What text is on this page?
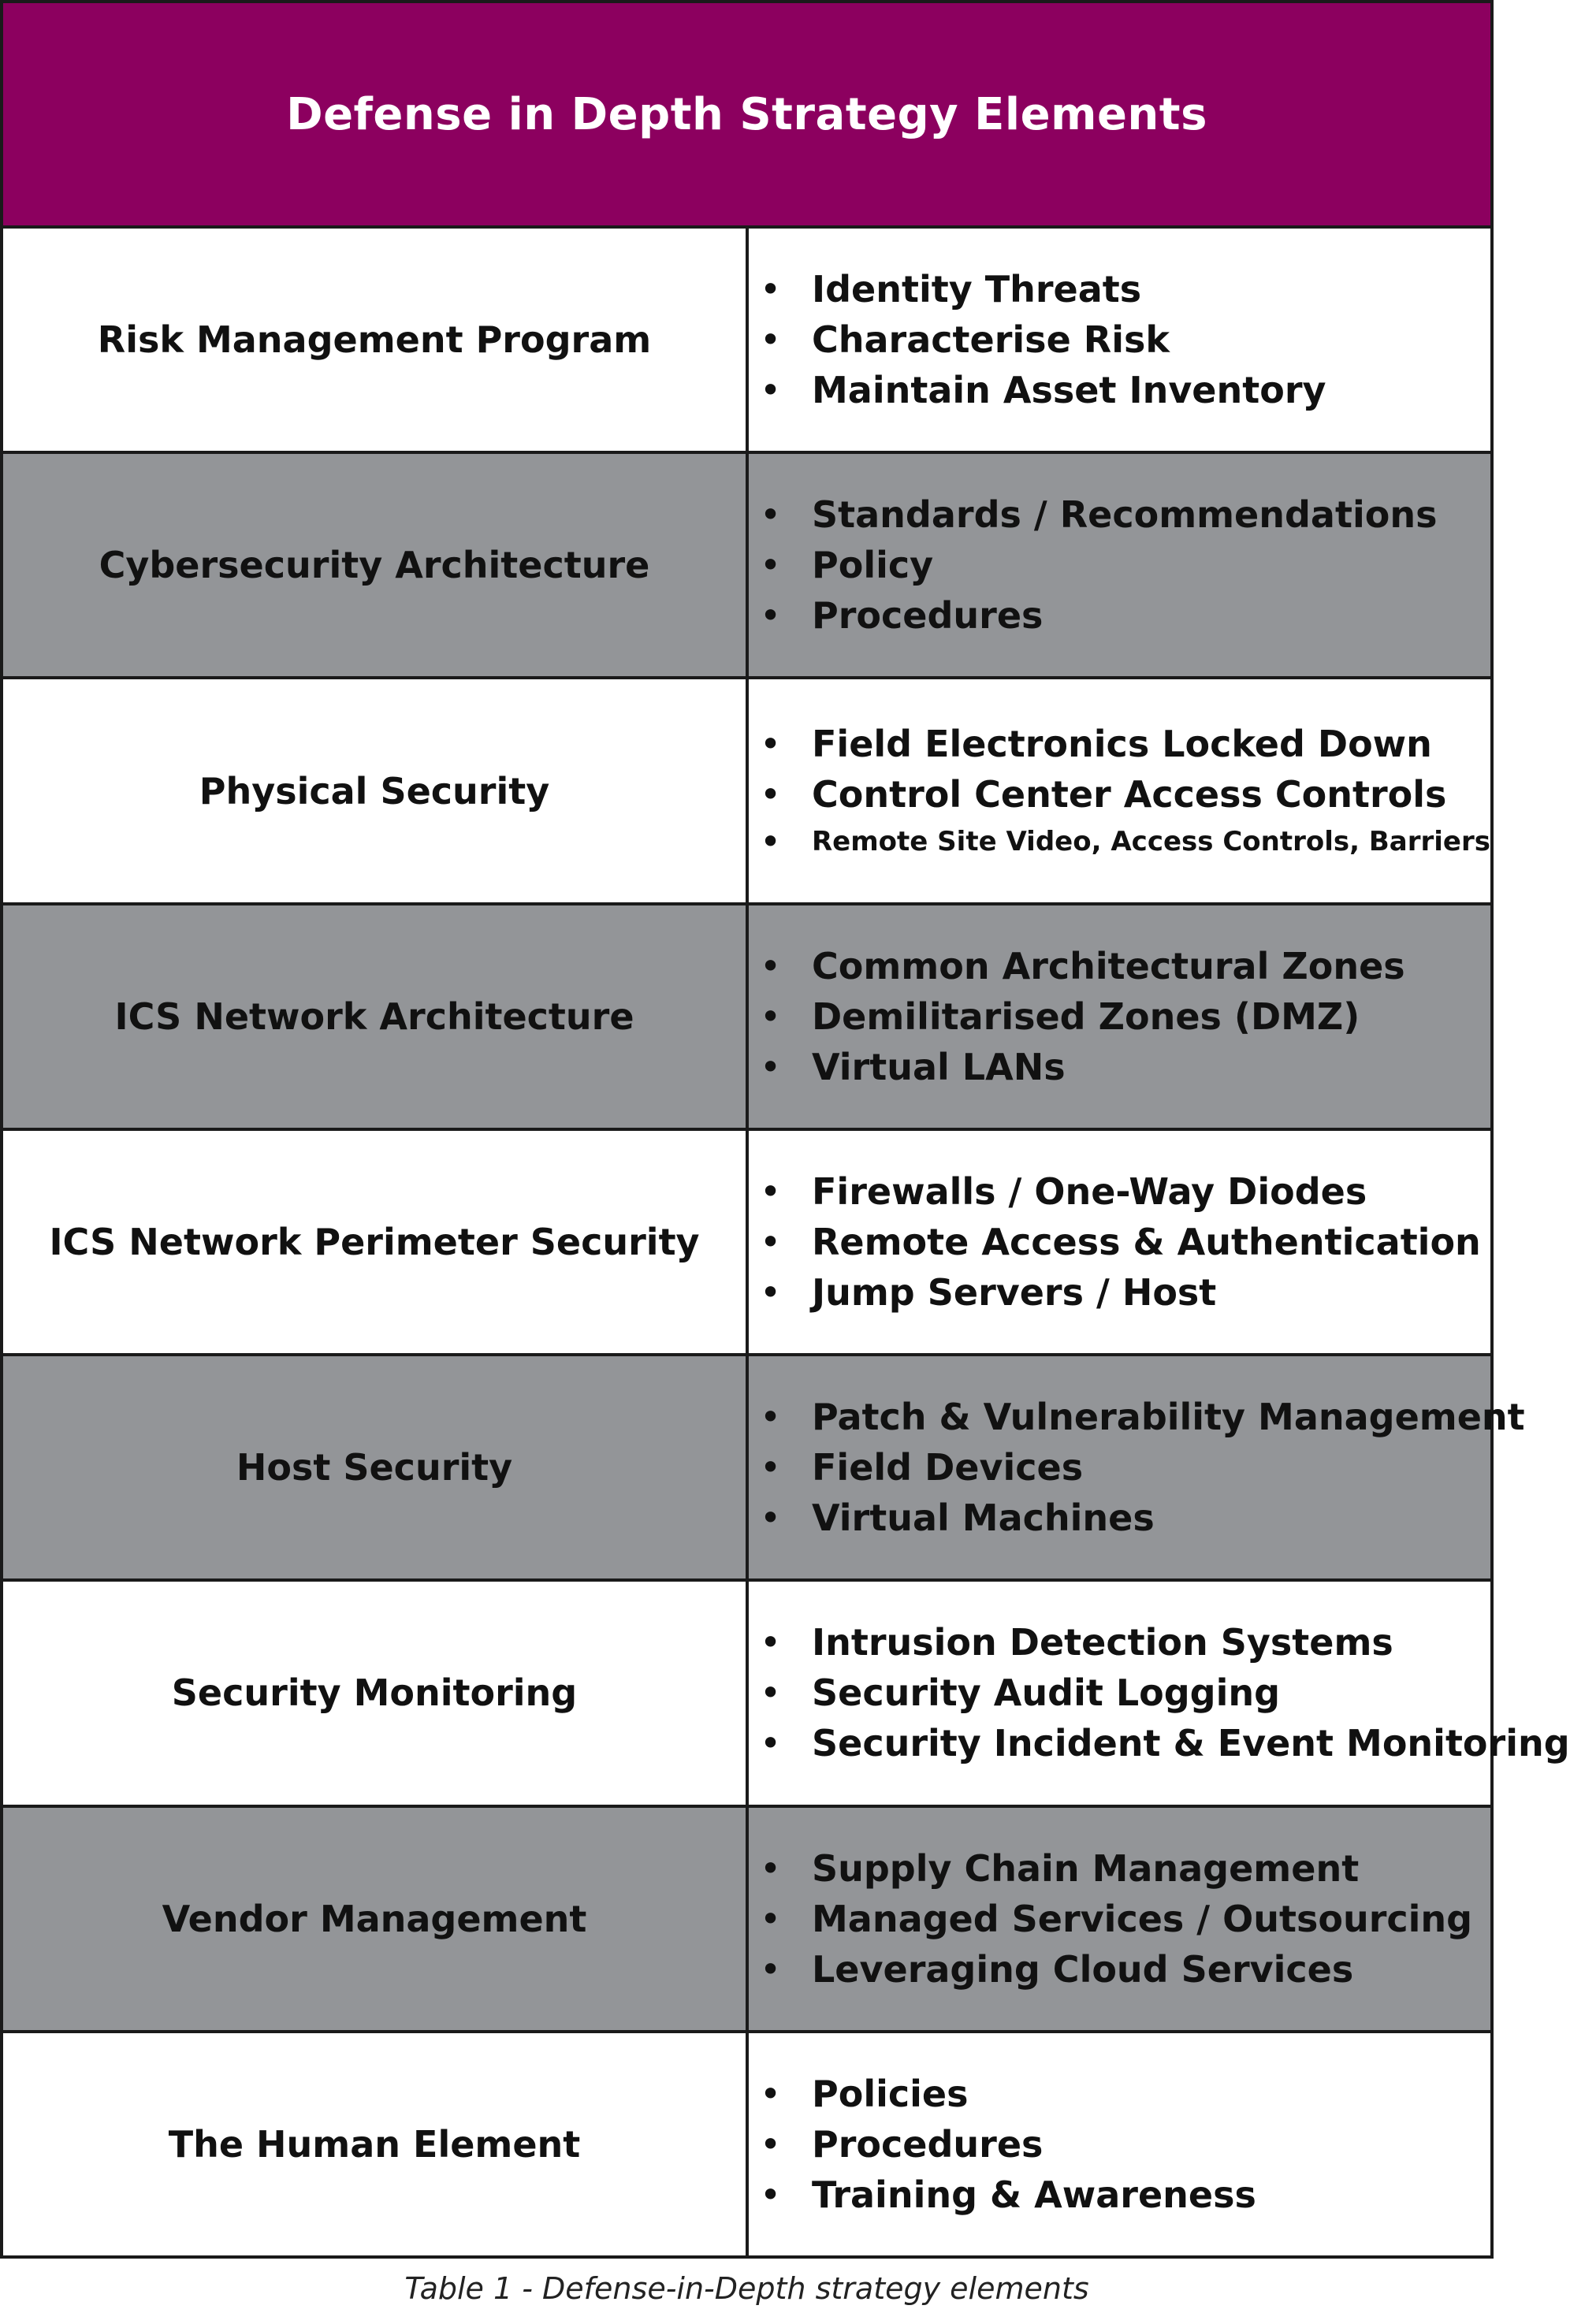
Defense in Depth Strategy Elements
Risk Management Program
• Identity Threats
• Characterise Risk
• Maintain Asset Inventory
Cybersecurity Architecture
• Standards / Recommendations
• Policy
• Procedures
Physical Security
• Field Electronics Locked Down
• Control Center Access Controls
•	Remote Site Video, Access Controls, Barriers
ICS Network Architecture
• Common Architectural Zones
• Demilitarised Zones (DMZ)
• Virtual LANs
ICS Network Perimeter Security
• Firewalls / One-Way Diodes
• Remote Access & Authentication
• Jump Servers / Host
Host Security
• Patch & Vulnerability Management
• Field Devices
• Virtual Machines
Security Monitoring
• Intrusion Detection Systems
• Security Audit Logging
• Security Incident & Event Monitoring
Vendor Management
• Supply Chain Management
• Managed Services / Outsourcing
• Leveraging Cloud Services
The Human Element
• Policies
• Procedures
• Training & Awareness
Table 1 - Defense-in-Depth strategy elements
